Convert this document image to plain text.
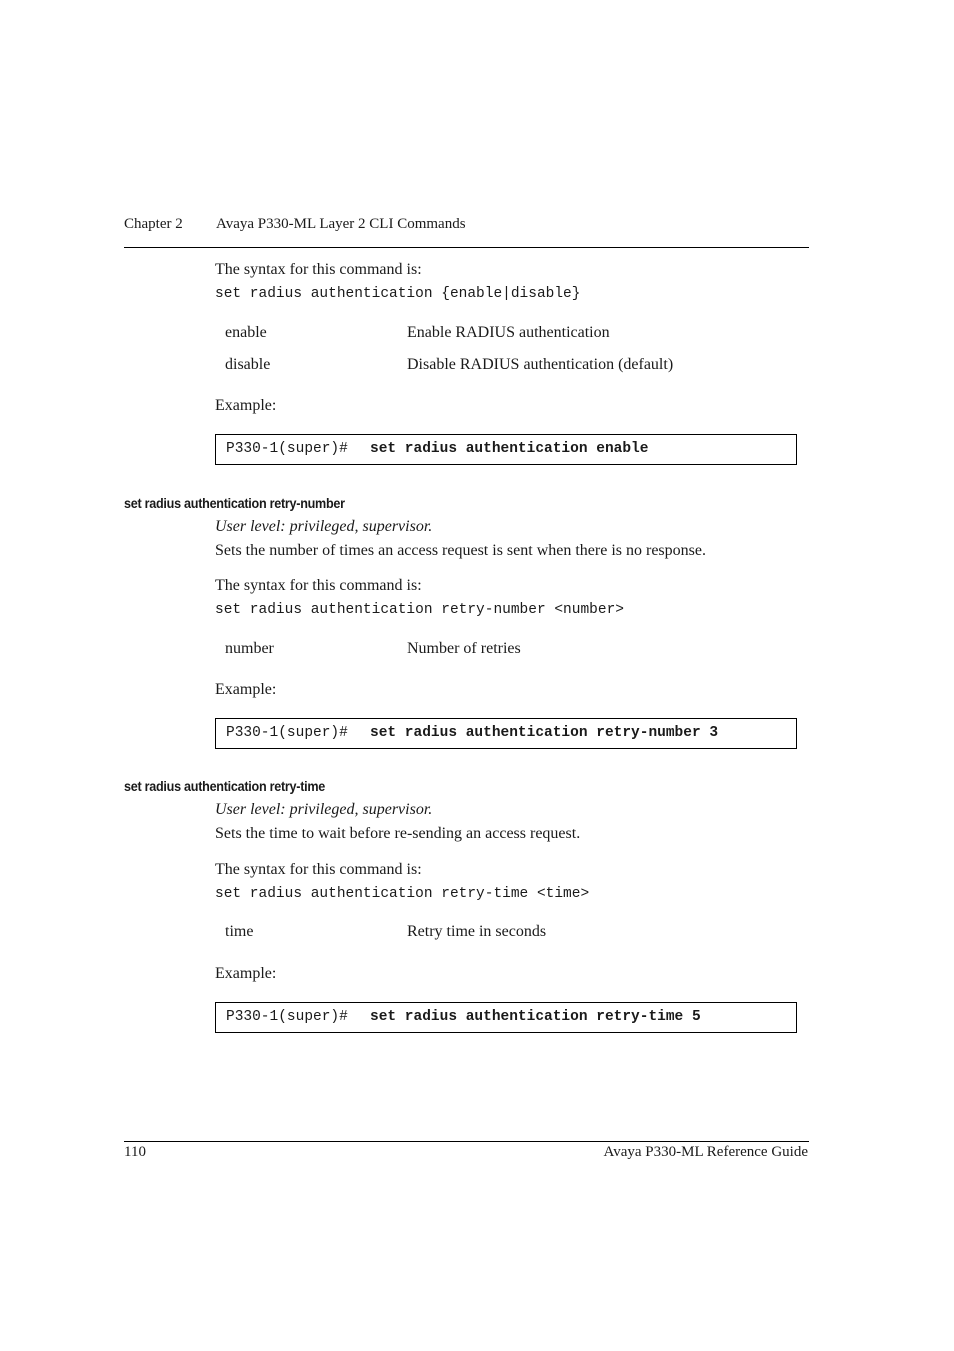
Chapter 2 Avaya P330-ML Layer 2 CLI Commands
The syntax for this command is:
set radius authentication {enable|disable}
enable	Enable RADIUS authentication
disable	Disable RADIUS authentication (default)
Example:
P330-1(super)# set radius authentication enable
set radius authentication retry-number
User level: privileged, supervisor.
Sets the number of times an access request is sent when there is no response.
The syntax for this command is:
set radius authentication retry-number <number>
number	Number of retries
Example:
P330-1(super)# set radius authentication retry-number 3
set radius authentication retry-time
User level: privileged, supervisor.
Sets the time to wait before re-sending an access request.
The syntax for this command is:
set radius authentication retry-time <time>
time	Retry time in seconds
Example:
P330-1(super)# set radius authentication retry-time 5
110	Avaya P330-ML Reference Guide
